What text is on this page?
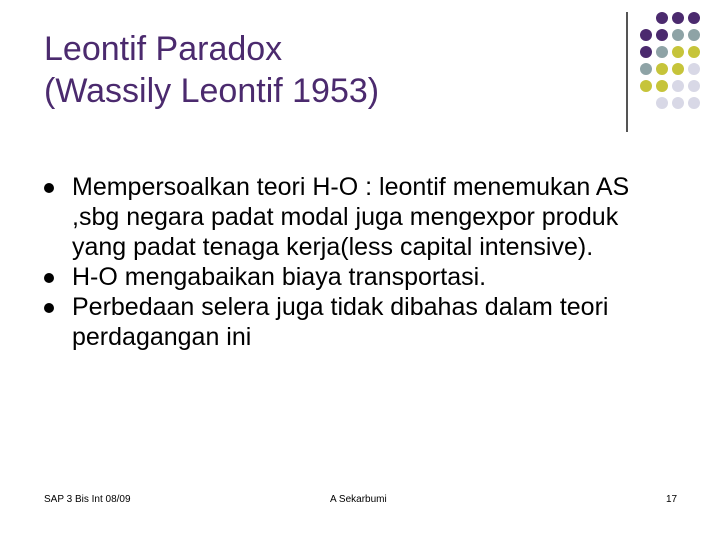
Leontif Paradox
(Wassily Leontif 1953)
Mempersoalkan teori H-O : leontif menemukan AS ,sbg negara padat modal juga mengexpor produk yang padat tenaga kerja(less capital intensive).
H-O mengabaikan biaya transportasi.
Perbedaan selera juga tidak dibahas dalam teori perdagangan ini
SAP 3 Bis Int 08/09	A Sekarbumi	17
